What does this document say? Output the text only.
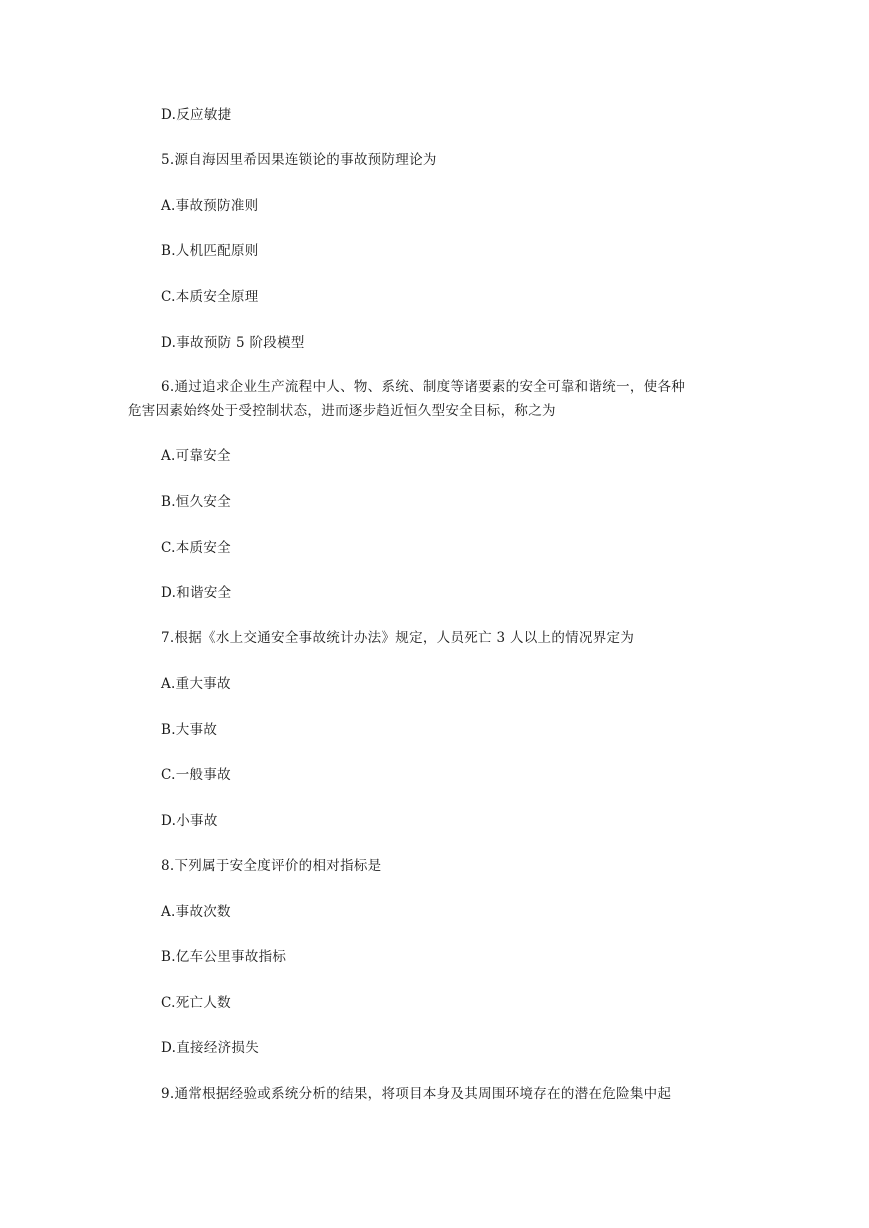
D.反应敏捷
5.源自海因里希因果连锁论的事故预防理论为
A.事故预防准则
B.人机匹配原则
C.本质安全原理
D.事故预防 5 阶段模型
6.通过追求企业生产流程中人、物、系统、制度等诸要素的安全可靠和谐统一，使各种
危害因素始终处于受控制状态，进而逐步趋近恒久型安全目标，称之为
A.可靠安全
B.恒久安全
C.本质安全
D.和谐安全
7.根据《水上交通安全事故统计办法》规定，人员死亡 3 人以上的情况界定为
A.重大事故
B.大事故
C.一般事故
D.小事故
8.下列属于安全度评价的相对指标是
A.事故次数
B.亿车公里事故指标
C.死亡人数
D.直接经济损失
9.通常根据经验或系统分析的结果，将项目本身及其周围环境存在的潜在危险集中起
